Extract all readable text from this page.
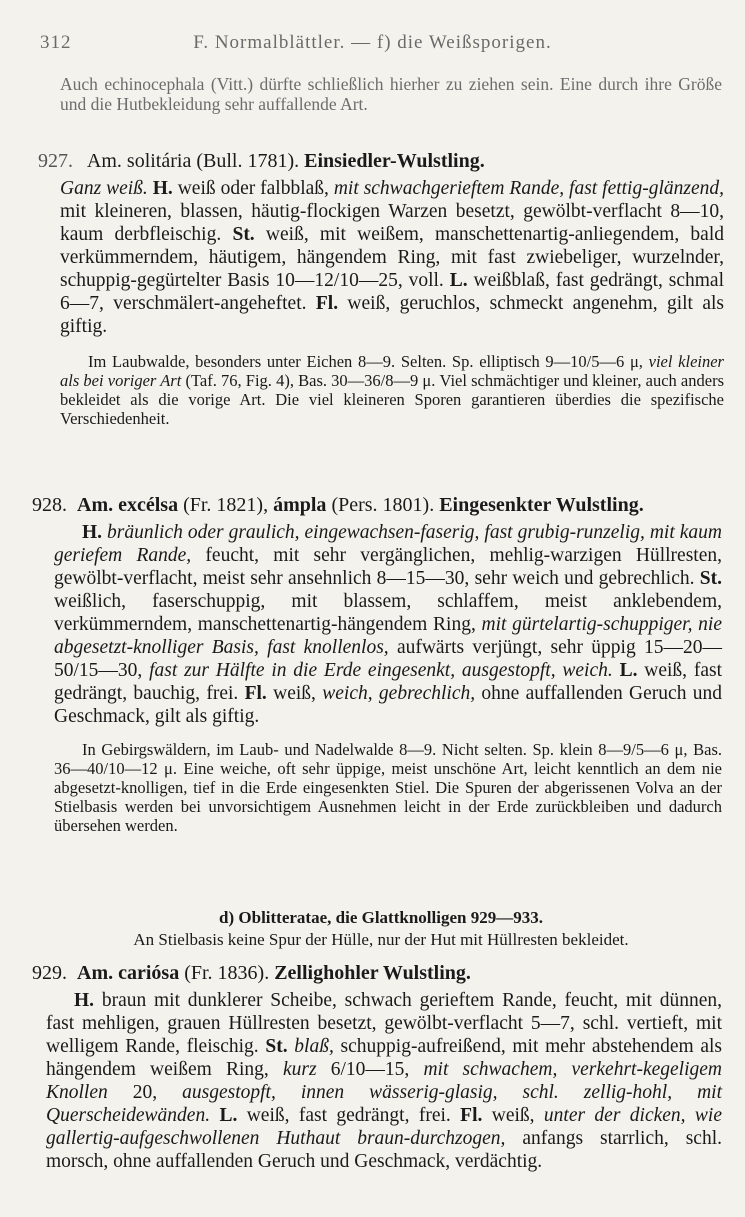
312	F. Normalblättler. — f) die Weißsporigen.

Auch echinocephala (Vitt.) dürfte schließlich hierher zu ziehen sein. Eine durch ihre Größe und die Hutbekleidung sehr auffallende Art.

927. Am. solitária (Bull. 1781). Einsiedler-Wulstling.

Ganz weiß. H. weiß oder falbblaß, mit schwachgerieftem Rande, fast fettig-glänzend, mit kleineren, blassen, häutig-flockigen Warzen besetzt, gewölbt-verflacht 8—10, kaum derbfleischig. St. weiß, mit weißem, manschettenartig-anliegendem, bald verkümmerndem, häutigem, hängendem Ring, mit fast zwiebeliger, wurzelnder, schuppig-gegürtelter Basis 10—12/10—25, voll. L. weißblaß, fast gedrängt, schmal 6—7, verschmälert-angeheftet. Fl. weiß, geruchlos, schmeckt angenehm, gilt als giftig.

Im Laubwalde, besonders unter Eichen 8—9. Selten. Sp. elliptisch 9—10/5—6 μ, viel kleiner als bei voriger Art (Taf. 76, Fig. 4), Bas. 30—36/8—9 μ. Viel schmächtiger und kleiner, auch anders bekleidet als die vorige Art. Die viel kleineren Sporen garantieren überdies die spezifische Verschiedenheit.

928. Am. excélsa (Fr. 1821), ámpla (Pers. 1801). Eingesenkter Wulstling.

H. bräunlich oder graulich, eingewachsen-faserig, fast grubig-runzelig, mit kaum geriefem Rande, feucht, mit sehr vergänglichen, mehlig-warzigen Hüllresten, gewölbt-verflacht, meist sehr ansehnlich 8—15—30, sehr weich und gebrechlich. St. weißlich, faserschuppig, mit blassem, schlaffem, meist anklebendem, verkümmerndem, manschettenartig-hängendem Ring, mit gürtelartig-schuppiger, nie abgesetzt-knolliger Basis, fast knollenlos, aufwärts verjüngt, sehr üppig 15—20—50/15—30, fast zur Hälfte in die Erde eingesenkt, ausgestopft, weich. L. weiß, fast gedrängt, bauchig, frei. Fl. weiß, weich, gebrechlich, ohne auffallenden Geruch und Geschmack, gilt als giftig.

In Gebirgswäldern, im Laub- und Nadelwalde 8—9. Nicht selten. Sp. klein 8—9/5—6 μ, Bas. 36—40/10—12 μ. Eine weiche, oft sehr üppige, meist unschöne Art, leicht kenntlich an dem nie abgesetzt-knolligen, tief in die Erde eingesenkten Stiel. Die Spuren der abgerissenen Volva an der Stielbasis werden bei unvorsichtigem Ausnehmen leicht in der Erde zurückbleiben und dadurch übersehen werden.

d) Oblitteratae, die Glattknolligen 929—933.
An Stielbasis keine Spur der Hülle, nur der Hut mit Hüllresten bekleidet.
929. Am. cariósa (Fr. 1836). Zellighohler Wulstling.

H. braun mit dunklerer Scheibe, schwach gerieftem Rande, feucht, mit dünnen, fast mehligen, grauen Hüllresten besetzt, gewölbt-verflacht 5—7, schl. vertieft, mit welligem Rande, fleischig. St. blaß, schuppig-aufreißend, mit mehr abstehendem als hängendem weißem Ring, kurz 6/10—15, mit schwachem, verkehrt-kegeligem Knollen 20, ausgestopft, innen wässerig-glasig, schl. zellig-hohl, mit Querscheidewänden. L. weiß, fast gedrängt, frei. Fl. weiß, unter der dicken, wie gallertig-aufgeschwollenen Huthaut braun-durchzogen, anfangs starrlich, schl. morsch, ohne auffallenden Geruch und Geschmack, verdächtig.
